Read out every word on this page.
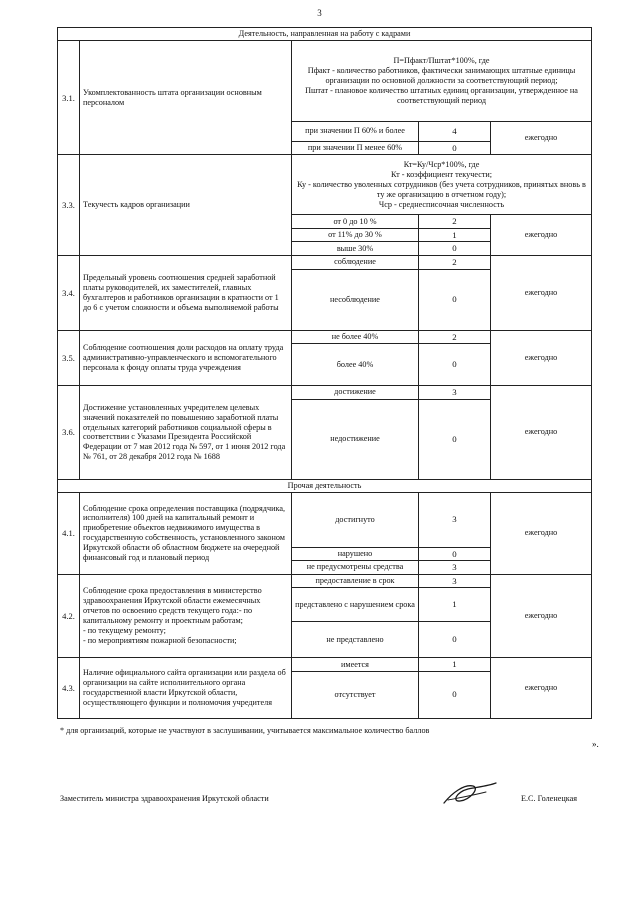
3
Деятельность, направленная на работу с кадрами				
3.1.	Укомплектованность штата организации основным персоналом	П=Пфакт/Пштат*100%, где
Пфакт - количество работников, фактически занимающих штатные единицы организации по основной должности за соответствующий период;
Пштат - плановое количество штатных единиц организации, утвержденное на соответствующий период		

		при значении П 60% и более	4	ежегодно
		при значении П менее 60%	0	
3.3.	Текучесть кадров организации	Кт=Ку/Чср*100%, где
Кт - коэффициент текучести;
Ку - количество уволенных сотрудников (без учета сотрудников, принятых вновь в ту же организацию в отчетном году);
Чср - среднесписочная численность		

		от 0 до 10 %	2	ежегодно
		от 11% до 30 %	1	
		выше 30%	0	
3.4.	Предельный уровень соотношения средней заработной платы руководителей, их заместителей, главных бухгалтеров и работников организации в кратности от 1 до 6 с учетом сложности и объема выполняемой работы	соблюдение	2	ежегодно
		несоблюдение	0	
3.5.	Соблюдение соотношения доли расходов на оплату труда административно-управленческого и вспомогательного персонала к фонду оплаты труда учреждения	не более 40%	2	ежегодно
		более 40%	0	
3.6.	Достижение установленных учредителем целевых значений показателей по повышению заработной платы отдельных категорий работников социальной сферы в соответствии с Указами Президента Российской Федерации от 7 мая 2012 года № 597, от 1 июня 2012 года № 761, от 28 декабря 2012 года № 1688	достижение	3	ежегодно
		недостижение	0	
Прочая деятельность				
4.1.	Соблюдение срока определения поставщика (подрядчика, исполнителя) 100 дней на капитальный ремонт и приобретение объектов недвижимого имущества в государственную собственность, установленного законом Иркутской области об областном бюджете на очередной финансовый год и плановый период	достигнуто	3	ежегодно
		нарушено	0	
		не предусмотрены средства	3	
4.2.	Соблюдение срока предоставления в министерство здравоохранения Иркутской области ежемесячных отчетов по освоению средств текущего года:- по капитальному ремонту и проектным работам;
- по текущему ремонту;
- по мероприятиям пожарной безопасности;	предоставление в срок	3	ежегодно
		представлено с нарушением срока	1	
		не представлено	0	
4.3.	Наличие официального сайта организации или раздела об организации на сайте исполнительного органа государственной власти Иркутской области, осуществляющего функции и полномочия учредителя	имеется	1	ежегодно
		отсутствует	0	
* для организаций, которые не участвуют в заслушивании, учитывается максимальное количество баллов
».
Заместитель министра здравоохранения Иркутской области	Е.С. Голенецкая
